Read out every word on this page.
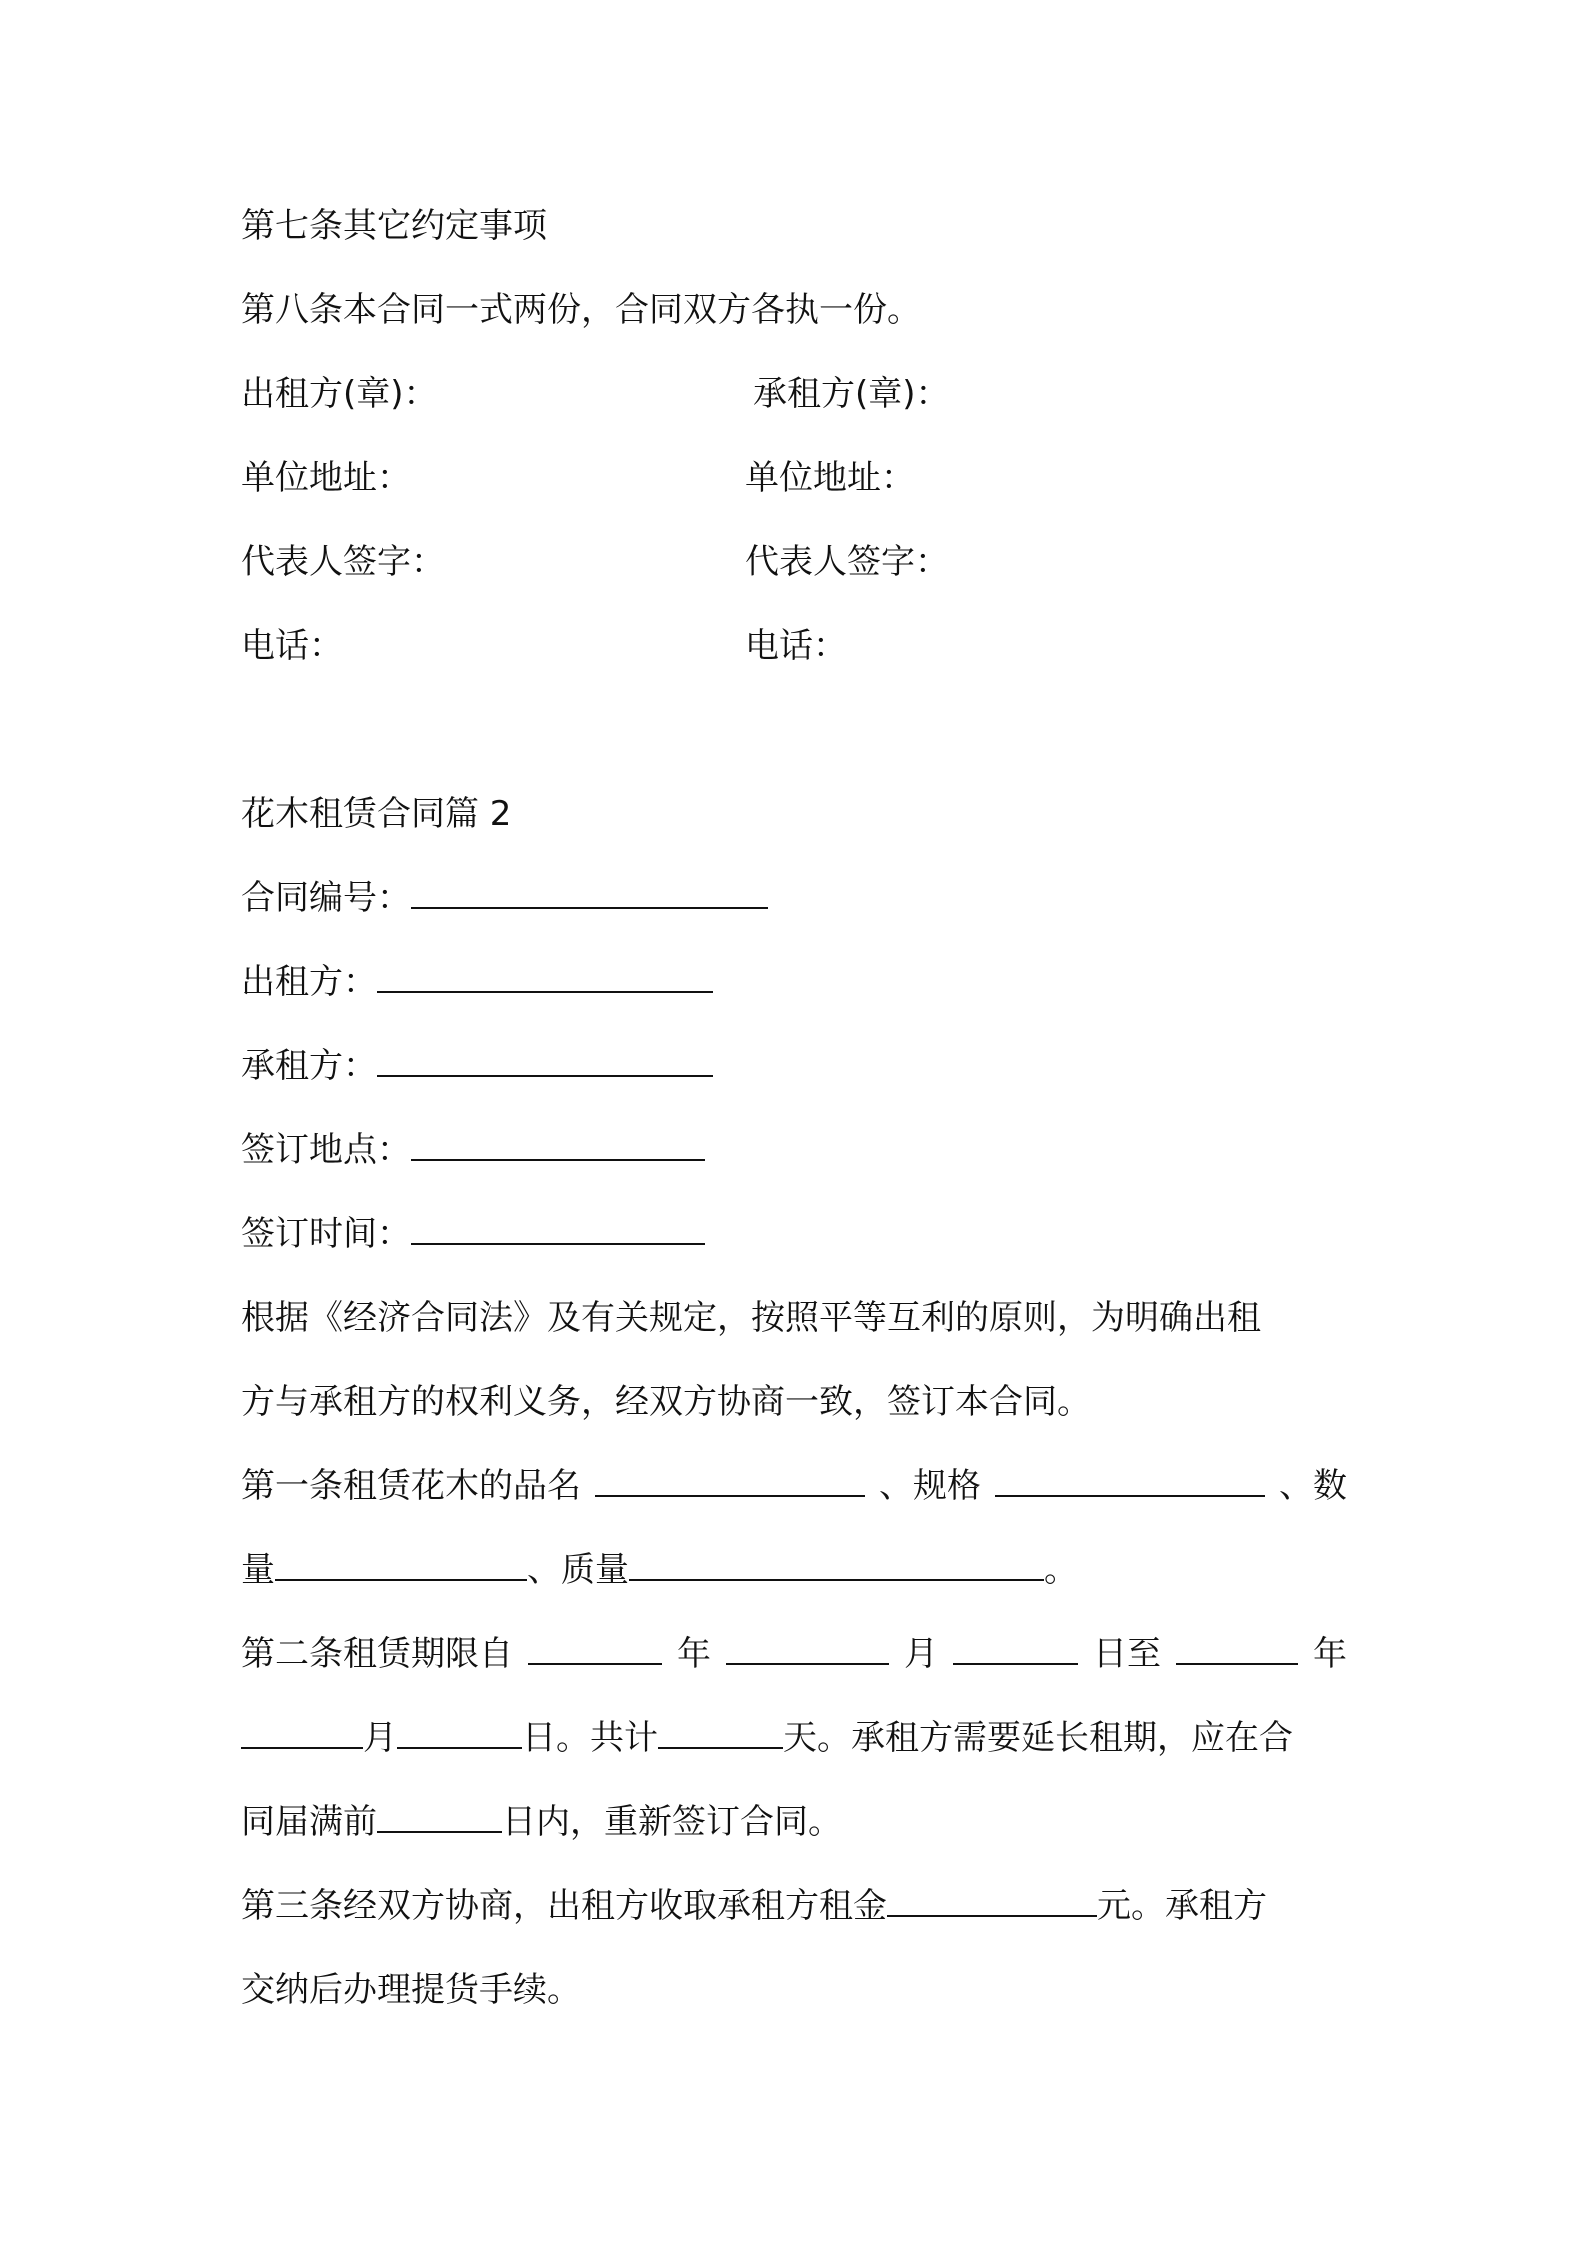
第七条其它约定事项

第八条本合同一式两份，合同双方各执一份。

出租方(章)：	承租方(章)：

单位地址：	单位地址：

代表人签字：	代表人签字：

电话：	电话：

花木租赁合同篇 2

合同编号：

出租方：

承租方：

签订地点：

签订时间：

根据《经济合同法》及有关规定，按照平等互利的原则，为明确出租

方与承租方的权利义务，经双方协商一致，签订本合同。

第一条租赁花木的品名	、规格	、数

量	、质量	。

第二条租赁期限自	年	月	日至	年

月	日。共计	天。承租方需要延长租期，应在合

同届满前	日内，重新签订合同。

第三条经双方协商，出租方收取承租方租金	元。承租方

交纳后办理提货手续。
